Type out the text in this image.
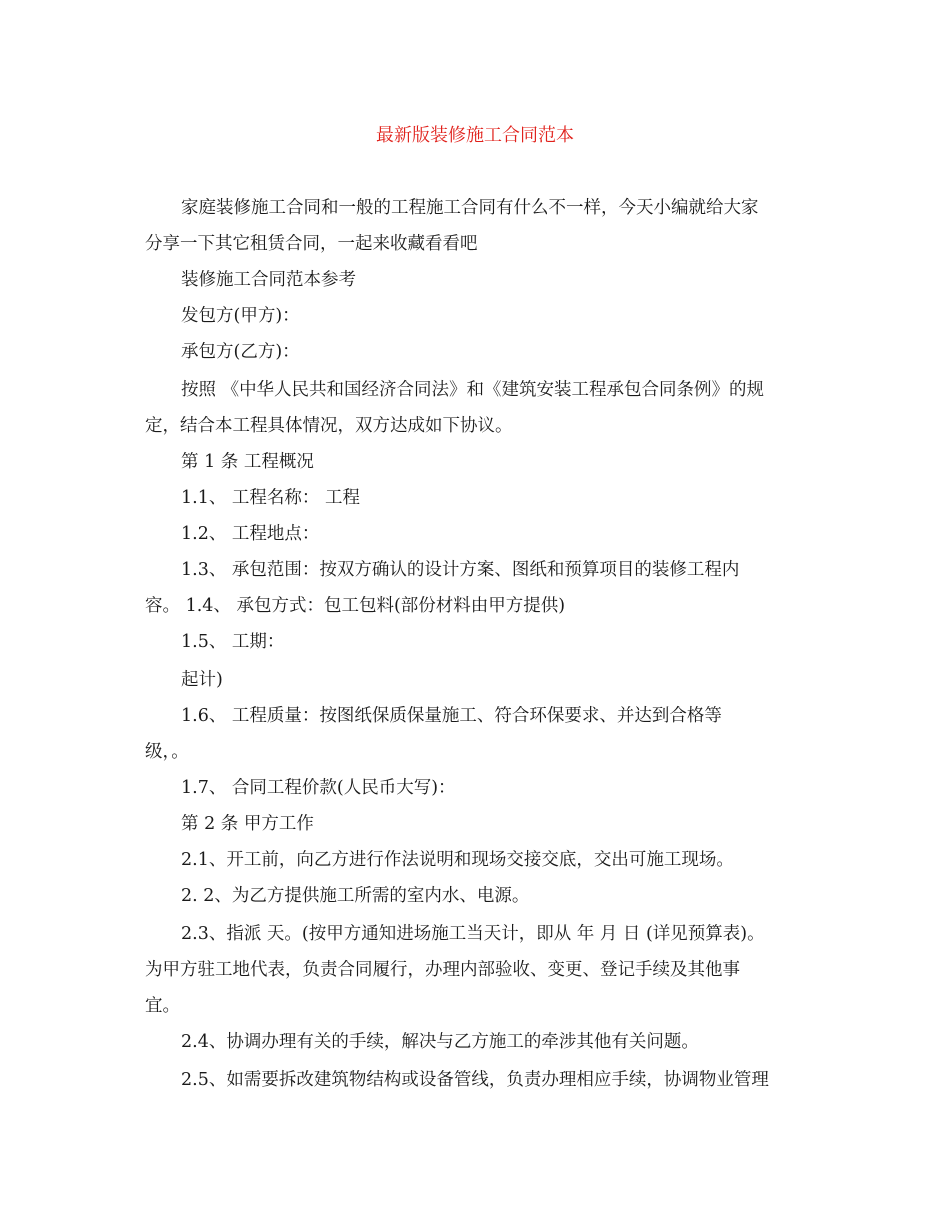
最新版装修施工合同范本
家庭装修施工合同和一般的工程施工合同有什么不一样，今天小编就给大家
分享一下其它租赁合同，一起来收藏看看吧
装修施工合同范本参考
发包方(甲方)：
承包方(乙方)：
按照 《中华人民共和国经济合同法》和《建筑安装工程承包合同条例》的规
定，结合本工程具体情况，双方达成如下协议。
第 1 条 工程概况
1.1、 工程名称： 工程
1.2、 工程地点：
1.3、 承包范围：按双方确认的设计方案、图纸和预算项目的装修工程内
容。 1.4、 承包方式：包工包料(部份材料由甲方提供)
1.5、 工期：
起计)
1.6、 工程质量：按图纸保质保量施工、符合环保要求、并达到合格等
级，。
1.7、 合同工程价款(人民币大写)：
第 2 条 甲方工作
2.1、开工前，向乙方进行作法说明和现场交接交底，交出可施工现场。
2. 2、为乙方提供施工所需的室内水、电源。
2.3、指派 天。(按甲方通知进场施工当天计，即从 年 月 日 (详见预算表)。
为甲方驻工地代表，负责合同履行，办理内部验收、变更、登记手续及其他事
宜。
2.4、协调办理有关的手续，解决与乙方施工的牵涉其他有关问题。
2.5、如需要拆改建筑物结构或设备管线，负责办理相应手续，协调物业管理
